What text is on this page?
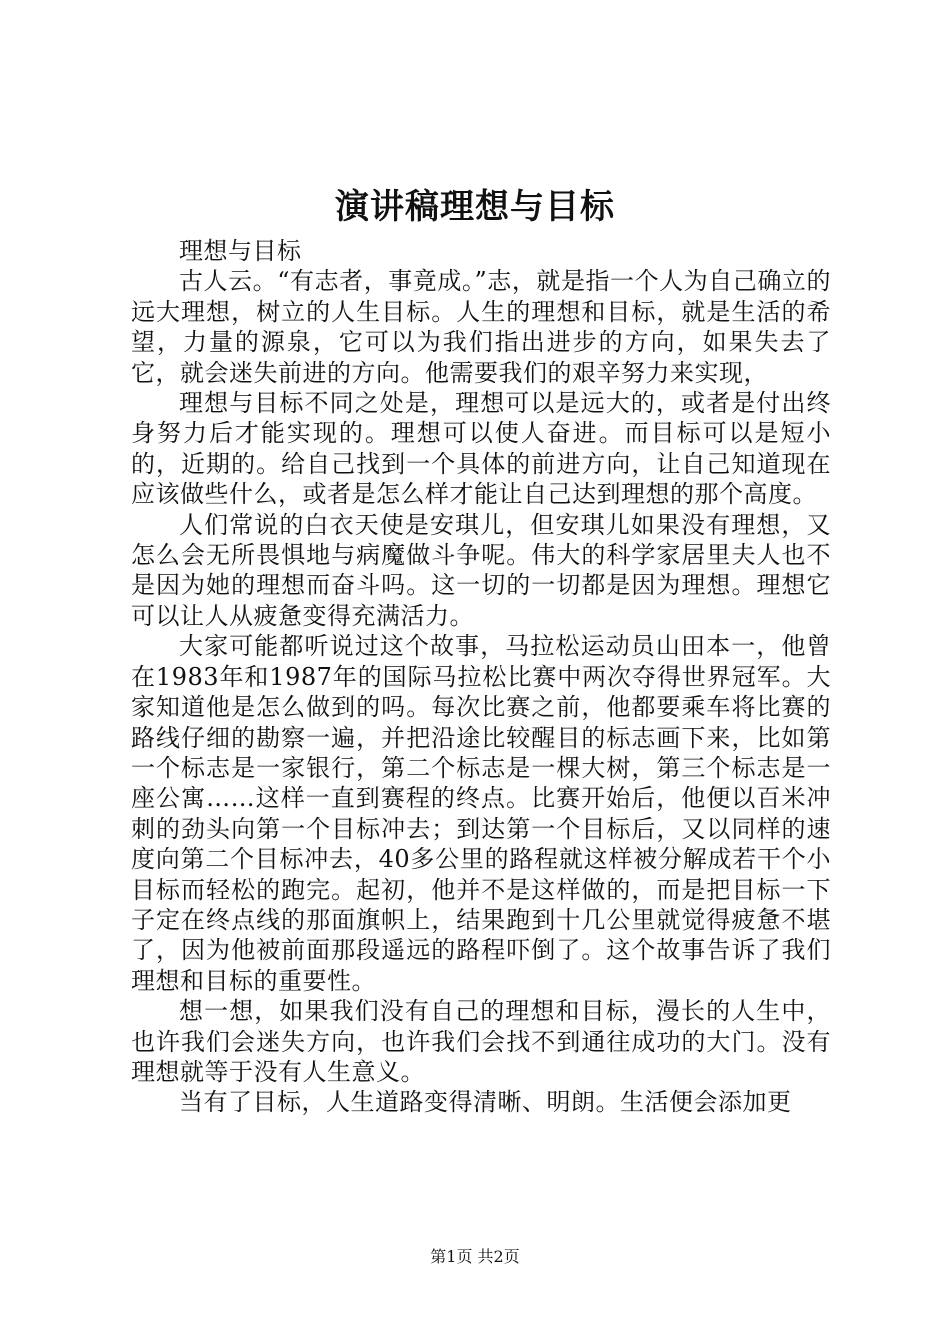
演讲稿理想与目标

理想与目标

古人云。“有志者，事竟成。”志，就是指一个人为自己确立的远大理想，树立的人生目标。人生的理想和目标，就是生活的希望，力量的源泉，它可以为我们指出进步的方向，如果失去了它，就会迷失前进的方向。他需要我们的艰辛努力来实现，

理想与目标不同之处是，理想可以是远大的，或者是付出终身努力后才能实现的。理想可以使人奋进。而目标可以是短小的，近期的。给自己找到一个具体的前进方向，让自己知道现在应该做些什么，或者是怎么样才能让自己达到理想的那个高度。

人们常说的白衣天使是安琪儿，但安琪儿如果没有理想，又怎么会无所畏惧地与病魔做斗争呢。伟大的科学家居里夫人也不是因为她的理想而奋斗吗。这一切的一切都是因为理想。理想它可以让人从疲惫变得充满活力。

大家可能都听说过这个故事，马拉松运动员山田本一，他曾在1983年和1987年的国际马拉松比赛中两次夺得世界冠军。大家知道他是怎么做到的吗。每次比赛之前，他都要乘车将比赛的路线仔细的勘察一遍，并把沿途比较醒目的标志画下来，比如第一个标志是一家银行，第二个标志是一棵大树，第三个标志是一座公寓……这样一直到赛程的终点。比赛开始后，他便以百米冲刺的劲头向第一个目标冲去；到达第一个目标后，又以同样的速度向第二个目标冲去，40多公里的路程就这样被分解成若干个小目标而轻松的跑完。起初，他并不是这样做的，而是把目标一下子定在终点线的那面旗帜上，结果跑到十几公里就觉得疲惫不堪了，因为他被前面那段遥远的路程吓倒了。这个故事告诉了我们理想和目标的重要性。

想一想，如果我们没有自己的理想和目标，漫长的人生中，也许我们会迷失方向，也许我们会找不到通往成功的大门。没有理想就等于没有人生意义。

当有了目标，人生道路变得清晰、明朗。生活便会添加更

第1页 共2页
